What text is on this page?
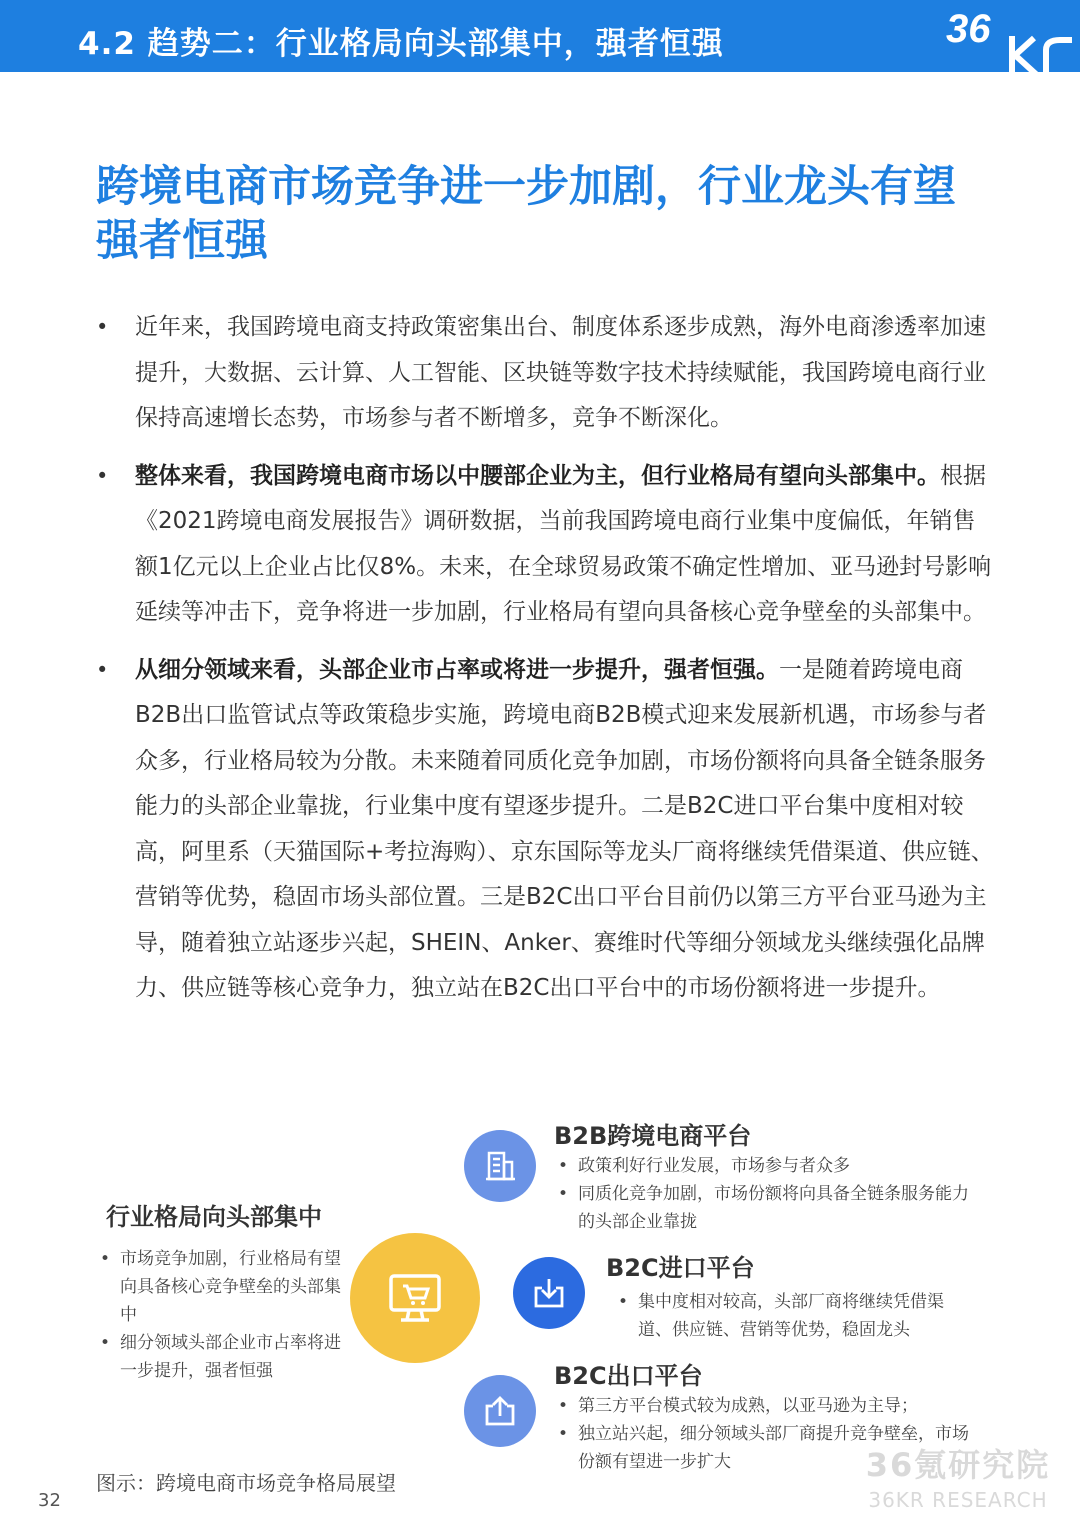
4.2 趋势二：行业格局向头部集中，强者恒强	36
跨境电商市场竞争进一步加剧，行业龙头有望强者恒强
• 近年来，我国跨境电商支持政策密集出台、制度体系逐步成熟，海外电商渗透率加速提升，大数据、云计算、人工智能、区块链等数字技术持续赋能，我国跨境电商行业保持高速增长态势，市场参与者不断增多，竞争不断深化。
• 整体来看，我国跨境电商市场以中腰部企业为主，但行业格局有望向头部集中。根据《2021跨境电商发展报告》调研数据，当前我国跨境电商行业集中度偏低，年销售额1亿元以上企业占比仅8%。未来，在全球贸易政策不确定性增加、亚马逊封号影响延续等冲击下，竞争将进一步加剧，行业格局有望向具备核心竞争壁垒的头部集中。
• 从细分领域来看，头部企业市占率或将进一步提升，强者恒强。一是随着跨境电商B2B出口监管试点等政策稳步实施，跨境电商B2B模式迎来发展新机遇，市场参与者众多，行业格局较为分散。未来随着同质化竞争加剧，市场份额将向具备全链条服务能力的头部企业靠拢，行业集中度有望逐步提升。二是B2C进口平台集中度相对较高，阿里系（天猫国际+考拉海购）、京东国际等龙头厂商将继续凭借渠道、供应链、营销等优势，稳固市场头部位置。三是B2C出口平台目前仍以第三方平台亚马逊为主导，随着独立站逐步兴起，SHEIN、Anker、赛维时代等细分领域龙头继续强化品牌力、供应链等核心竞争力，独立站在B2C出口平台中的市场份额将进一步提升。
行业格局向头部集中
• 市场竞争加剧，行业格局有望向具备核心竞争壁垒的头部集中
• 细分领域头部企业市占率将进一步提升，强者恒强
B2B跨境电商平台
• 政策利好行业发展，市场参与者众多
• 同质化竞争加剧，市场份额将向具备全链条服务能力的头部企业靠拢
B2C进口平台
• 集中度相对较高，头部厂商将继续凭借渠道、供应链、营销等优势，稳固龙头
B2C出口平台
• 第三方平台模式较为成熟，以亚马逊为主导；
• 独立站兴起，细分领域头部厂商提升竞争壁垒，市场份额有望进一步扩大
图示：跨境电商市场竞争格局展望	36氪研究院
36KR RESEARCH
32
